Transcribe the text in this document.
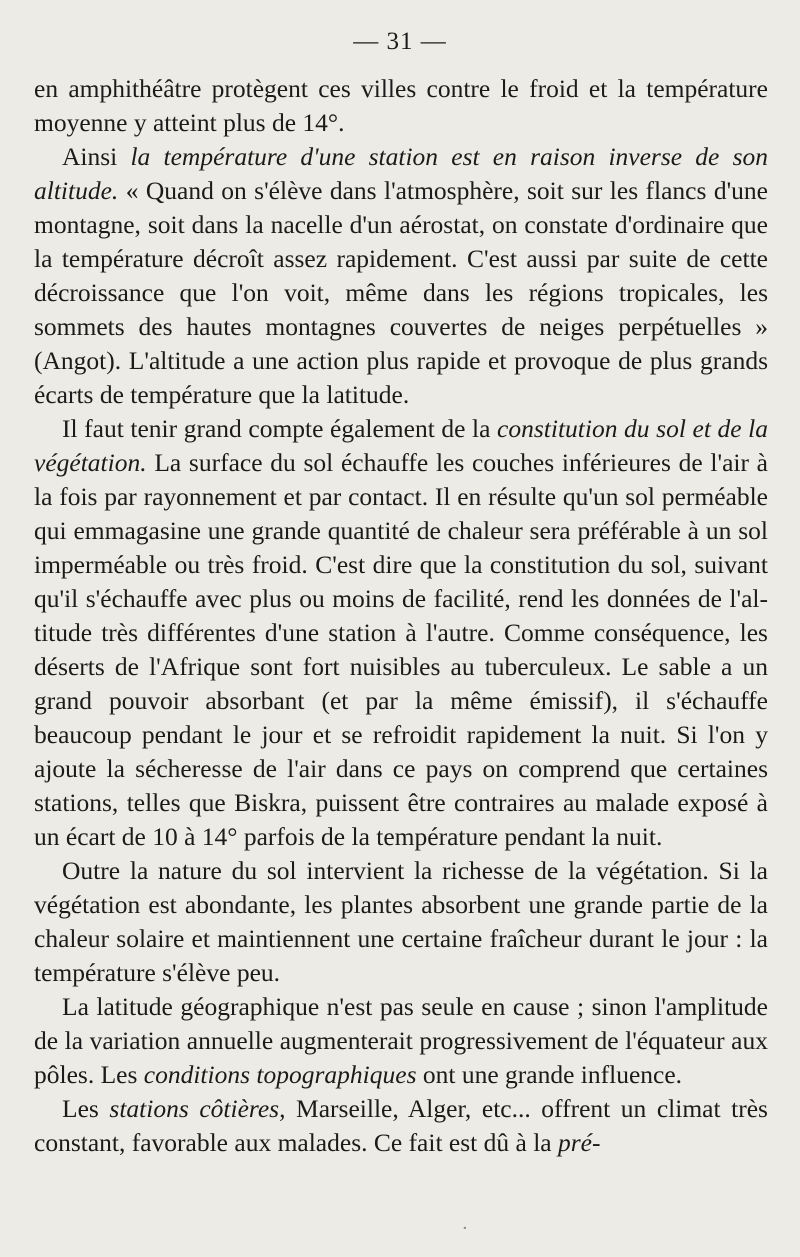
— 31 —

en amphithéâtre protègent ces villes contre le froid et la température moyenne y atteint plus de 14°.

Ainsi la température d'une station est en raison inverse de son altitude. « Quand on s'élève dans l'atmosphère, soit sur les flancs d'une montagne, soit dans la nacelle d'un aérostat, on constate d'ordinaire que la température décroît assez rapidement. C'est aussi par suite de cette décroissance que l'on voit, même dans les régions tropicales, les sommets des hautes montagnes couvertes de neiges perpétuelles » (Angot). L'altitude a une action plus rapide et provoque de plus grands écarts de température que la latitude.

Il faut tenir grand compte également de la constitution du sol et de la végétation. La surface du sol échauffe les couches inférieures de l'air à la fois par rayonnement et par contact. Il en résulte qu'un sol perméable qui emmagasine une grande quantité de chaleur sera préférable à un sol imperméable ou très froid. C'est dire que la constitution du sol, suivant qu'il s'échauffe avec plus ou moins de facilité, rend les données de l'altitude très différentes d'une station à l'autre. Comme conséquence, les déserts de l'Afrique sont fort nuisibles au tuberculeux. Le sable a un grand pouvoir absorbant (et par la même émissif), il s'échauffe beaucoup pendant le jour et se refroidit rapidement la nuit. Si l'on y ajoute la sécheresse de l'air dans ce pays on comprend que certaines stations, telles que Biskra, puissent être contraires au malade exposé à un écart de 10 à 14° parfois de la température pendant la nuit.

Outre la nature du sol intervient la richesse de la végétation. Si la végétation est abondante, les plantes absorbent une grande partie de la chaleur solaire et maintiennent une certaine fraîcheur durant le jour : la température s'élève peu.

La latitude géographique n'est pas seule en cause ; sinon l'amplitude de la variation annuelle augmenterait progressivement de l'équateur aux pôles. Les conditions topographiques ont une grande influence.

Les stations côtières, Marseille, Alger, etc... offrent un climat très constant, favorable aux malades. Ce fait est dû à la pré-

·
